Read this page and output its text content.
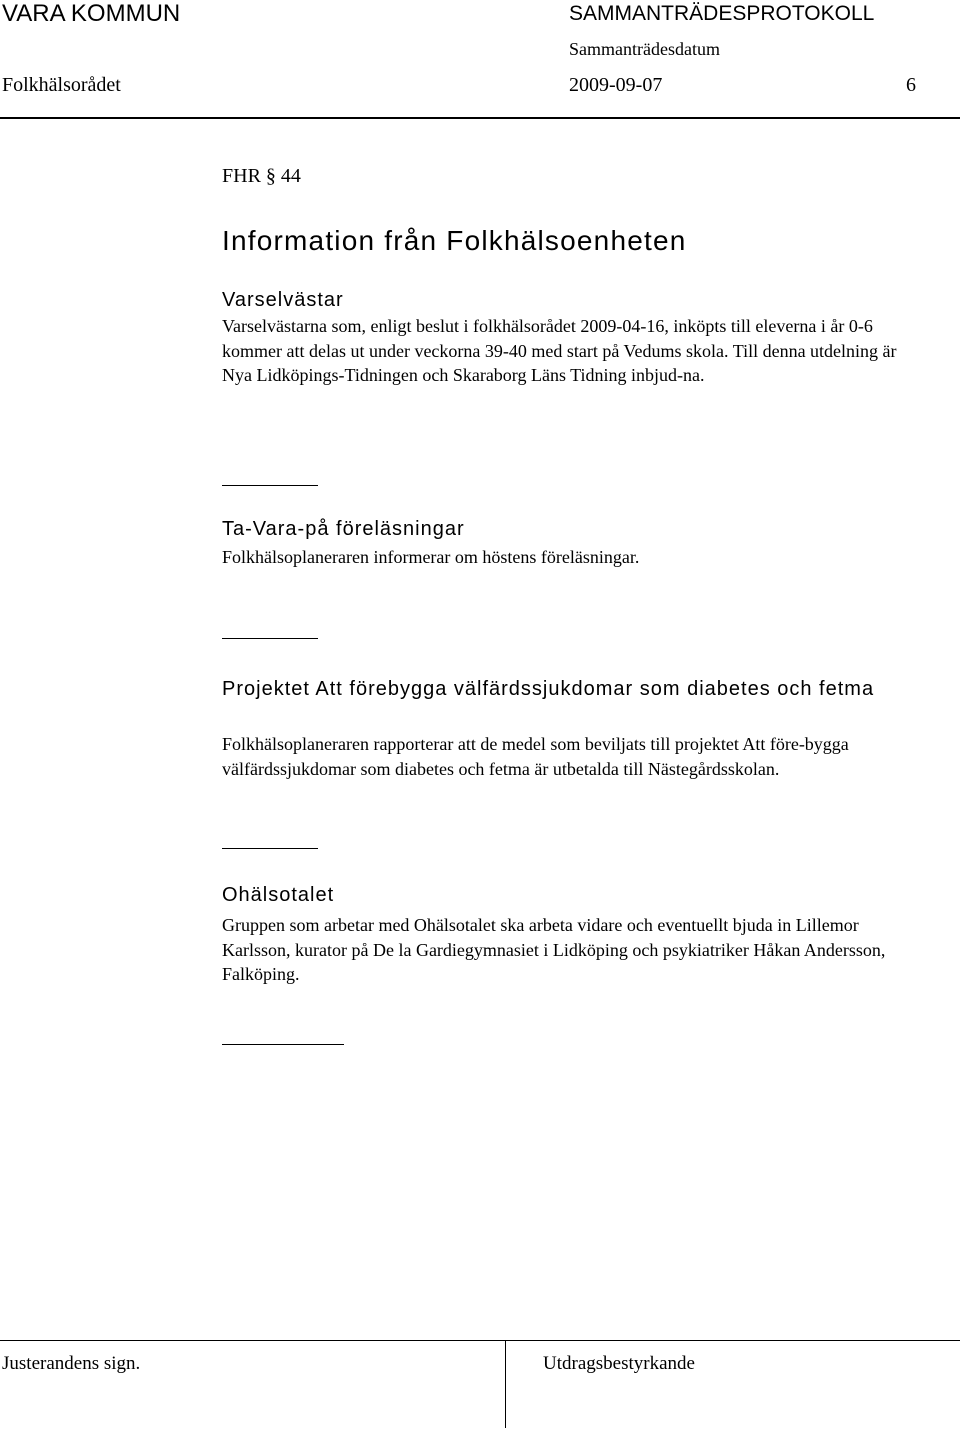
VARA KOMMUN	SAMMANTRÄDESPROTOKOLL
Sammanträdesdatum
Folkhälsorådet	2009-09-07	6
FHR § 44
Information från Folkhälsoenheten
Varselvästar
Varselvästarna som, enligt beslut i folkhälsorådet 2009-04-16, inköpts till eleverna i år 0-6 kommer att delas ut under veckorna 39-40 med start på Vedums skola. Till denna utdelning är Nya Lidköpings-Tidningen och Skaraborg Läns Tidning inbjud-na.
Ta-Vara-på föreläsningar
Folkhälsoplaneraren informerar om höstens föreläsningar.
Projektet Att förebygga välfärdssjukdomar som diabetes och fetma
Folkhälsoplaneraren rapporterar att de medel som beviljats till projektet Att före-bygga välfärdssjukdomar som diabetes och fetma är utbetalda till Nästegårdsskolan.
Ohälsotalet
Gruppen som arbetar med Ohälsotalet ska arbeta vidare och eventuellt bjuda in Lillemor Karlsson, kurator på De la Gardiegymnasiet i Lidköping och psykiatriker Håkan Andersson, Falköping.
Justerandens sign.	Utdragsbestyrkande
